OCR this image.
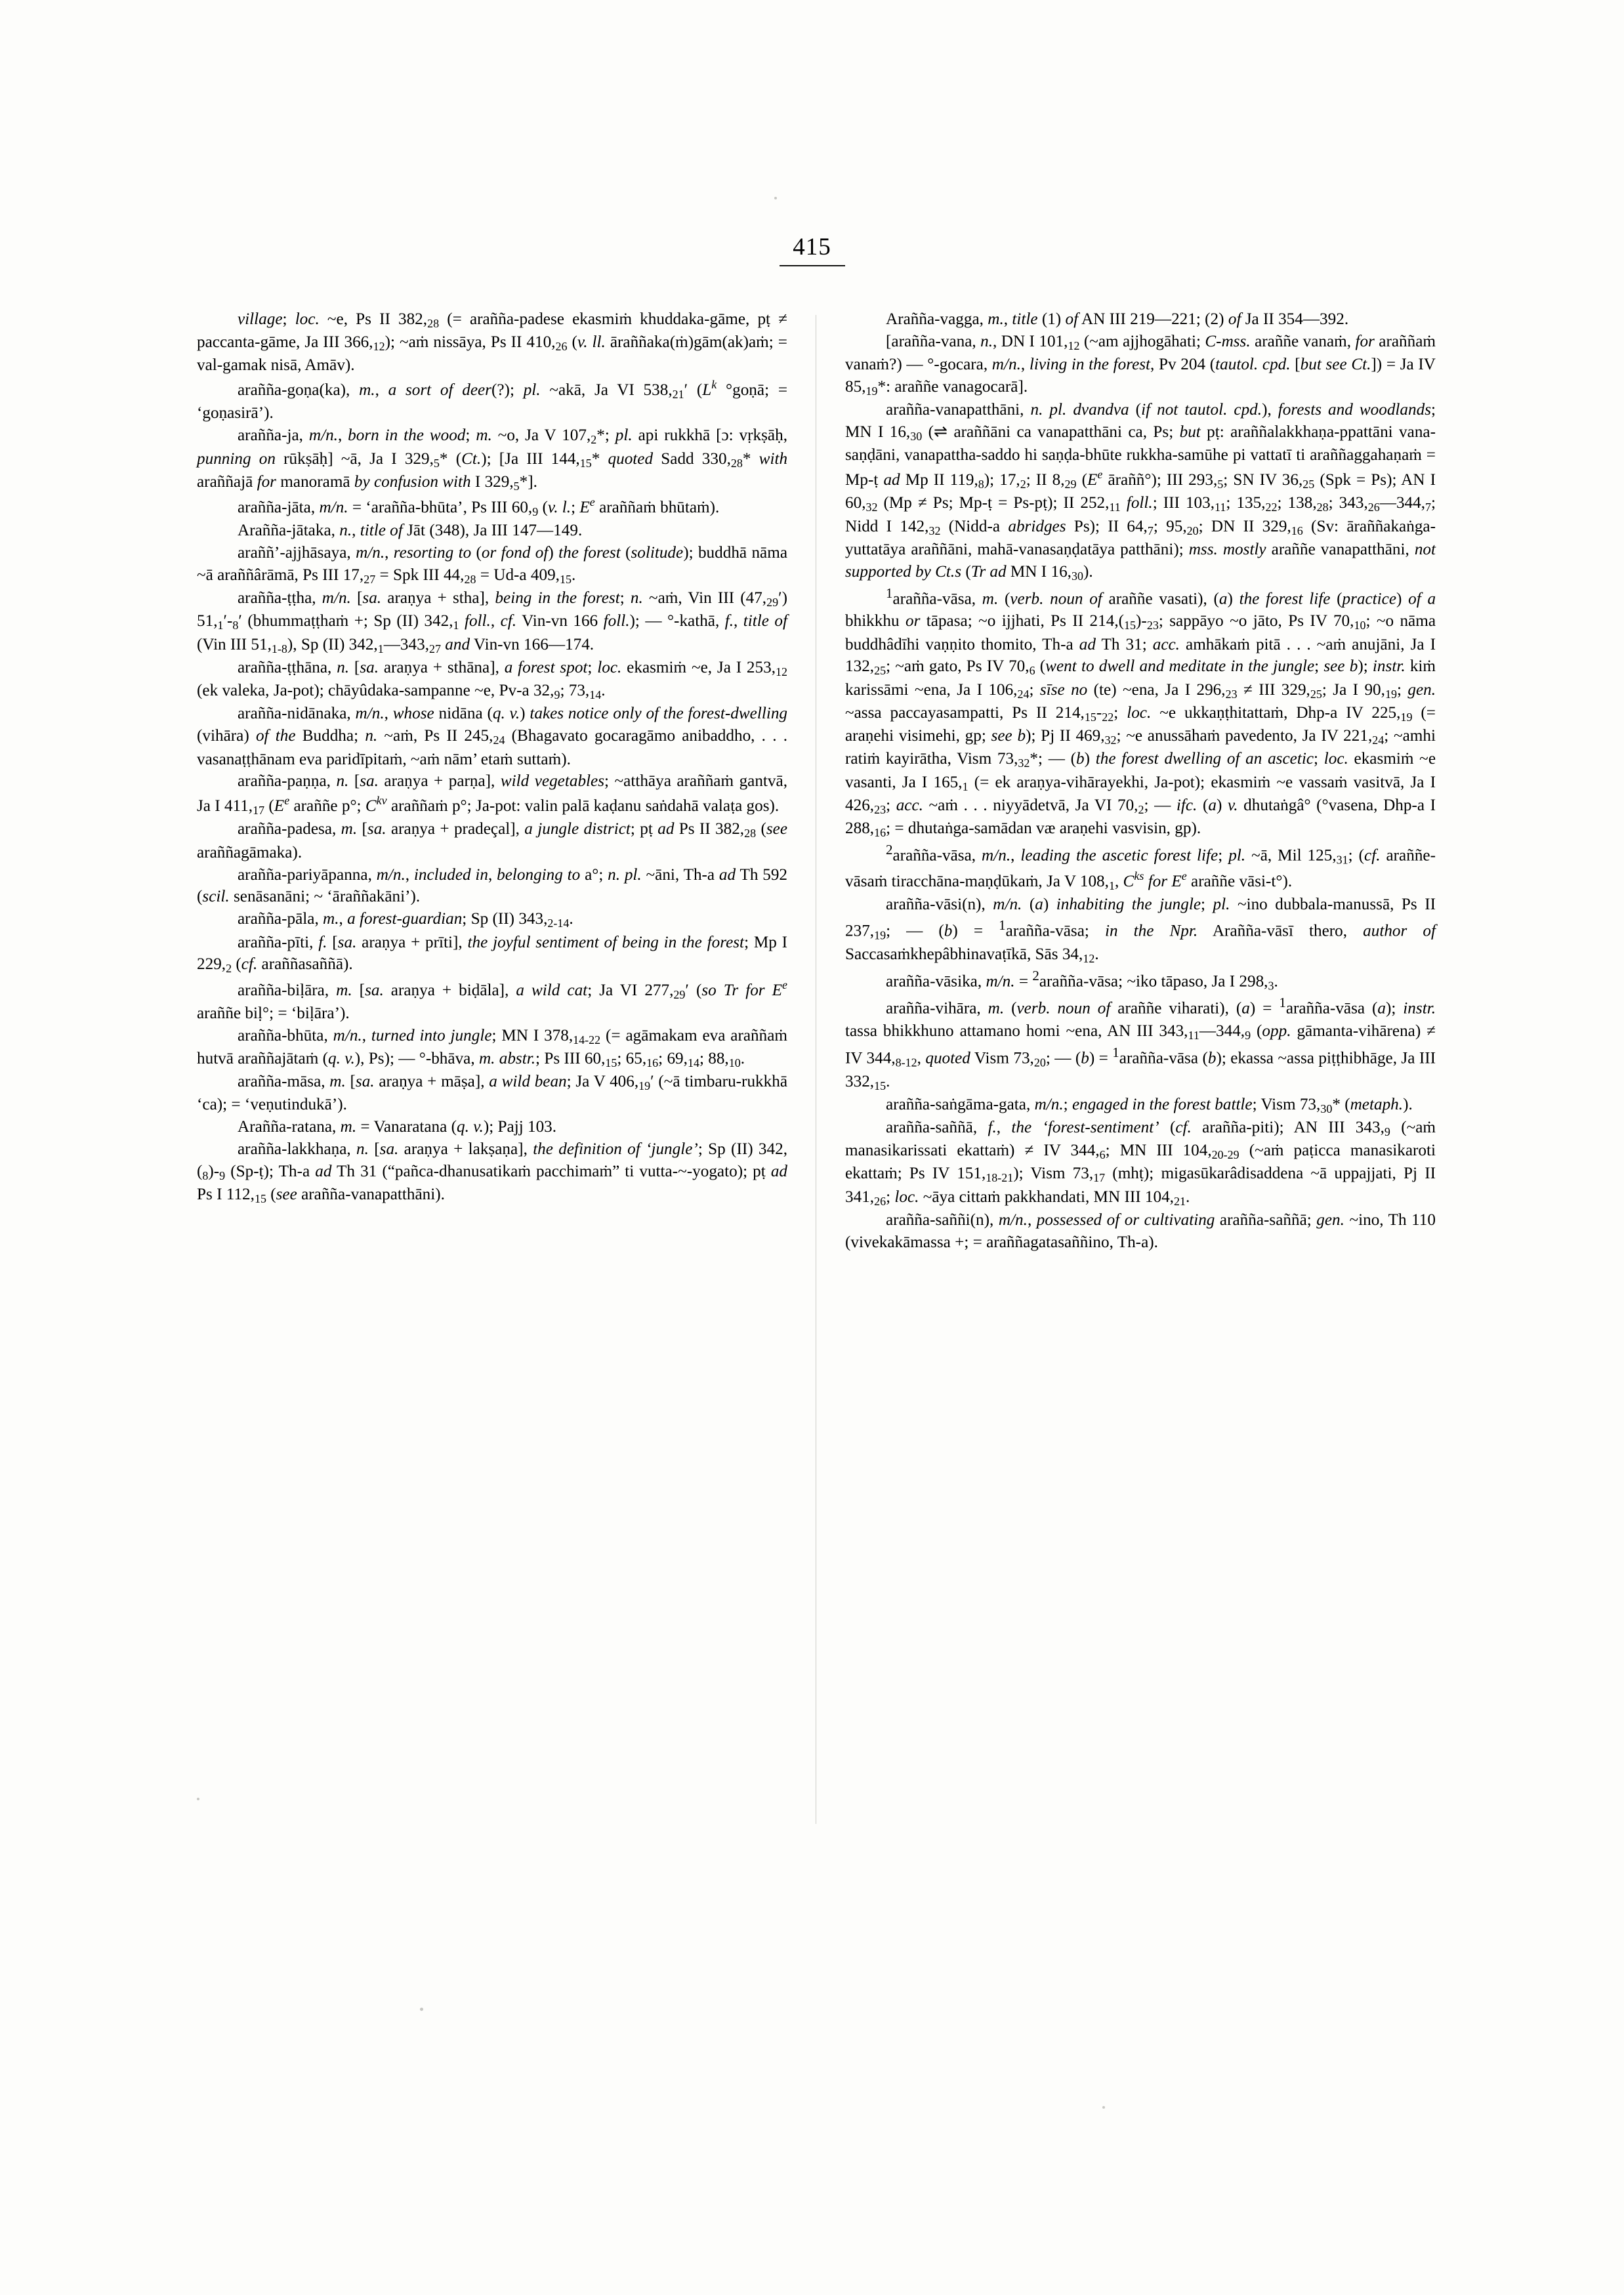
415

village; loc. ~e, Ps II $382,_{28}$ (= arañña-padese ekasmiṁ khuddaka-gāme, pṭ ≠ paccanta-gāme, Ja III $366,_{12}$); ~aṁ nissāya, Ps II $410,_{26}$ (v. ll. āraññaka(ṁ)gām(ak)aṁ; = val-gamak nisā, Amāv).

arañña-goṇa(ka), m., a sort of deer(?); pl. ~akā, Ja VI $538,_{21}'$ ($L^k$ °goṇā; = ‘goṇasirā’).

arañña-ja, m/n., born in the wood; m. ~o, Ja V $107,_2*$; pl. api rukkhā [ɔ: vṛkṣāḥ, punning on rūkṣāḥ] ~ā, Ja I $329,_5*$ (Ct.); [Ja III $144,_{15}*$ quoted Sadd $330,_{28}*$ with araññajā for manoramā by confusion with I $329,_5*$].

arañña-jāta, m/n. = ‘arañña-bhūta’, Ps III $60,_9$ (v. l.; $E^e$ araññaṁ bhūtaṁ).

Arañña-jātaka, n., title of Jāt (348), Ja III 147—149.

araññ’-ajjhāsaya, m/n., resorting to (or fond of) the forest (solitude); buddhā nāma ~ā araññârāmā, Ps III $17,_{27}$ = Spk III $44,_{28} = Ud-a$ $409,_{15}$.

arañña-ṭṭha, m/n. [sa. araṇya + stha], being in the forest; n. ~aṁ, Vin III $(47,_{29}')$ $51,_1'-_8'$ (bhummaṭṭhaṁ +; Sp (II) $342,_1$ foll., cf. Vin-vn 166 foll.); — °-kathā, f., title of (Vin III $51,_{1-8}$), Sp (II) $342,_1—343,_{27}$ and Vin-vn 166—174.

arañña-ṭṭhāna, n. [sa. araṇya + sthāna], a forest spot; loc. ekasmiṁ ~e, Ja I $253,_{12}$ (ek valeka, Ja-pot); chāyûdaka-sampanne ~e, Pv-a $32,_9$; $73,_{14}$.

arañña-nidānaka, m/n., whose nidāna (q. v.) takes notice only of the forest-dwelling (vihāra) of the Buddha; n. ~aṁ, Ps II $245,_{24}$ (Bhagavato gocaragāmo anibaddho, . . . vasanaṭṭhānam eva paridīpitaṁ, ~aṁ nām’ etaṁ suttaṁ).

arañña-paṇṇa, n. [sa. araṇya + parṇa], wild vegetables; ~atthāya araññaṁ gantvā, Ja I $411,_{17}$ ($E^e$ araññe p°; $C^{kv}$ araññaṁ p°; Ja-pot: valin palā kaḍanu saṅdahā valaṭa gos).

arañña-padesa, m. [sa. araṇya + pradeçal], a jungle district; pṭ ad Ps II $382,_{28}$ (see araññagāmaka).

arañña-pariyāpanna, m/n., included in, belonging to a°; n. pl. ~āni, Th-a ad Th 592 (scil. senāsanāni; ~ ‘āraññakāni’).

arañña-pāla, m., a forest-guardian; Sp (II) $343,_{2-14}$.

arañña-pīti, f. [sa. araṇya + prīti], the joyful sentiment of being in the forest; Mp I $229,_2$ (cf. araññasaññā).

arañña-biḷāra, m. [sa. araṇya + biḍāla], a wild cat; Ja VI $277,_{29}'$ (so Tr for $E^e$ araññe biḷ°; = ‘biḷāra’).

arañña-bhūta, m/n., turned into jungle; MN I $378,_{14-22}$ (= agāmakam eva araññaṁ hutvā araññajātaṁ (q. v.), Ps); — °-bhāva, m. abstr.; Ps III $60,_{15}$; $65,_{16}$; $69,_{14}$; $88,_{10}$.

arañña-māsa, m. [sa. araṇya + māṣa], a wild bean; Ja V $406,_{19}'$ (~ā timbaru-rukkhā ‘ca); = ‘veṇutindukā’).

Arañña-ratana, m. = Vanaratana (q. v.); Pajj 103.

arañña-lakkhaṇa, n. [sa. araṇya + lakṣaṇa], the definition of ‘jungle’; Sp (II) $342,(_8)-_9$ (Sp-ṭ); Th-a ad Th 31 (“pañca-dhanusatikaṁ pacchimaṁ” ti vutta-~-yogato); pṭ ad Ps I $112,_{15}$ (see arañña-vanapatthāni).

Arañña-vagga, m., title (1) of AN III 219—221; (2) of Ja II 354—392.

[arañña-vana, n., DN I $101,_{12}$ (~am ajjhogāhati; C-mss. araññe vanaṁ, for araññaṁ vanaṁ?) — °-gocara, m/n., living in the forest, Pv 204 (tautol. cpd. [but see Ct.]) = Ja IV $85,_{19}*$: araññe vanagocarā].

arañña-vanapatthāni, n. pl. dvandva (if not tautol. cpd.), forests and woodlands; MN I $16,_{30}$ (⇌ araññāni ca vanapatthāni ca, Ps; but pṭ: araññalakkhaṇa-ppattāni vana-saṇḍāni, vanapattha-saddo hi saṇḍa-bhūte rukkha-samūhe pi vattatī ti araññaggahaṇaṁ = Mp-ṭ ad Mp II $119,_8$); $17,_2$; II $8,_{29}$ ($E^e$ āraññ°); III $293,_5$; SN IV $36,_{25}$ (Spk = Ps); AN I $60,_{32}$ (Mp ≠ Ps; Mp-ṭ = Ps-pṭ); II $252,_{11}$ foll.; III $103,_{11}$; $135,_{22}$; $138,_{28}$; $343,_{26}—344,_7$; Nidd I $142,_{32}$ (Nidd-a abridges Ps); II $64,_7$; $95,_{20}$; DN II $329,_{16}$ (Sv: āraññakaṅga-yuttatāya araññāni, mahā-vanasaṇḍatāya patthāni); mss. mostly araññe vanapatthāni, not supported by Ct.s (Tr ad MN I $16,_{30}$).

$^1$arañña-vāsa, m. (verb. noun of araññe vasati), (a) the forest life (practice) of a bhikkhu or tāpasa; ~o ijjhati, Ps II $214,(_{15})-_{23}$; sappāyo ~o jāto, Ps IV $70,_{10}$; ~o nāma buddhâdīhi vaṇṇito thomito, Th-a ad Th 31; acc. amhākaṁ pitā . . . ~aṁ anujāni, Ja I $132,_{25}$; ~aṁ gato, Ps IV $70,_6$ (went to dwell and meditate in the jungle; see b); instr. kiṁ karissāmi ~ena, Ja I $106,_{24}$; sīse no (te) ~ena, Ja I $296,_{23}$ ≠ III $329,_{25}$; Ja I $90,_{19}$; gen. ~assa paccayasampatti, Ps II $214,_{15}-_{22}$; loc. ~e ukkaṇṭhitattaṁ, Dhp-a IV $225,_{19}$ (= araṇehi visimehi, gp; see b); Pj II $469,_{32}$; ~e anussāhaṁ pavedento, Ja IV $221,_{24}$; ~amhi ratiṁ kayirātha, Vism $73,_{32}*$; — (b) the forest dwelling of an ascetic; loc. ekasmiṁ ~e vasanti, Ja I $165,_1$ (= ek araṇya-vihārayekhi, Ja-pot); ekasmiṁ ~e vassaṁ vasitvā, Ja I $426,_{23}$; acc. ~aṁ . . . niyyādetvā, Ja VI $70,_2$; — ifc. (a) v. dhutaṅgâ° (°vasena, Dhp-a I $288,_{16}$; = dhutaṅga-samādan væ araṇehi vasvisin, gp).

$^2$arañña-vāsa, m/n., leading the ascetic forest life; pl. ~ā, Mil $125,_{31}$; (cf. araññe-vāsaṁ tiracchāna-maṇḍūkaṁ, Ja V $108,_1$, $C^{ks}$ for $E^e$ araññe vāsi-t°).

arañña-vāsi(n), m/n. (a) inhabiting the jungle; pl. ~ino dubbala-manussā, Ps II $237,_{19}$; — (b) = $^1$arañña-vāsa; in the Npr. Arañña-vāsī thero, author of Saccasaṁkhepâbhinavaṭīkā, Sās $34,_{12}$.

arañña-vāsika, m/n. = $^2$arañña-vāsa; ~iko tāpaso, Ja I $298,_3$.

arañña-vihāra, m. (verb. noun of araññe viharati), (a) = $^1$arañña-vāsa (a); instr. tassa bhikkhuno attamano homi ~ena, AN III $343,_{11}—344,_9$ (opp. gāmanta-vihārena) ≠ IV $344,_{8-12}$, quoted Vism $73,_{20}$; — (b) = $^1$arañña-vāsa (b); ekassa ~assa piṭṭhibhāge, Ja III $332,_{15}$.

arañña-saṅgāma-gata, m/n.; engaged in the forest battle; Vism $73,_{30}*$ (metaph.).

arañña-saññā, f., the ‘forest-sentiment’ (cf. arañña-piti); AN III $343,_9$ (~aṁ manasikarissati ekattaṁ) ≠ IV $344,_6$; MN III $104,_{20-29}$ (~aṁ paṭicca manasikaroti ekattaṁ; Ps IV $151,_{18-21}$); Vism $73,_{17}$ (mhṭ); migasūkarâdisaddena ~ā uppajjati, Pj II $341,_{26}$; loc. ~āya cittaṁ pakkhandati, MN III $104,_{21}$.

arañña-saññi(n), m/n., possessed of or cultivating arañña-saññā; gen. ~ino, Th 110 (vivekakāmassa +; = araññagatasaññino, Th-a).
